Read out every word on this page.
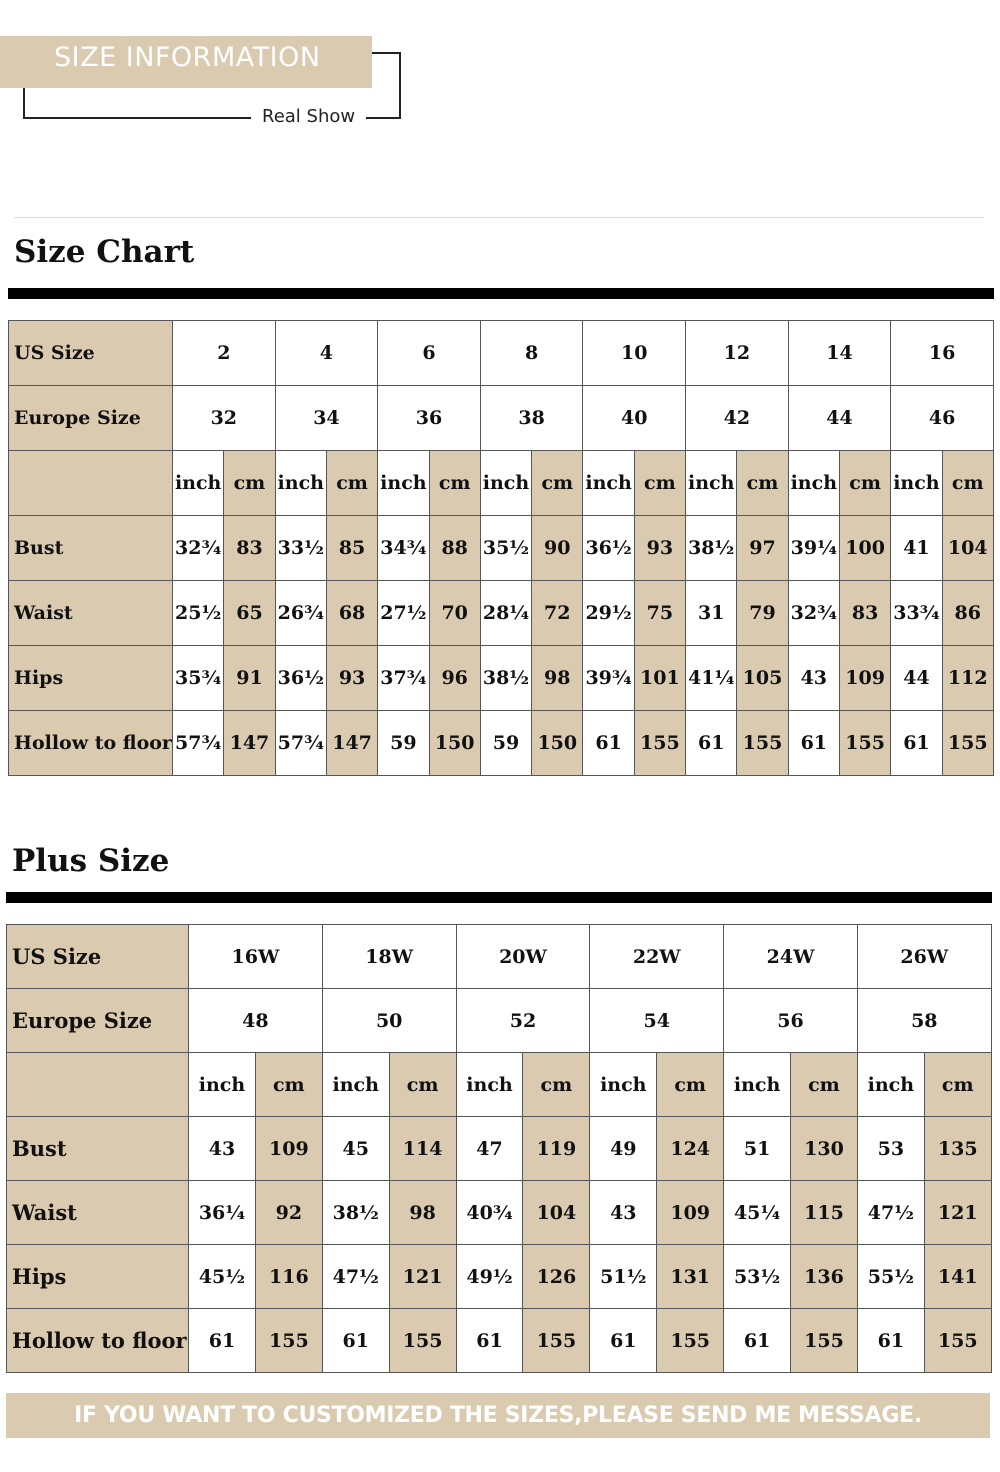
SIZE INFORMATION
Real Show
Size Chart
US Size	2		4		6		8		10		12		14		16	
Europe Size	32		34		36		38		40		42		44		46	
	inch	cm	inch	cm	inch	cm	inch	cm	inch	cm	inch	cm	inch	cm	inch	cm
Bust	32¾	83	33½	85	34¾	88	35½	90	36½	93	38½	97	39¼	100	41	104
Waist	25½	65	26¾	68	27½	70	28¼	72	29½	75	31	79	32¾	83	33¾	86
Hips	35¾	91	36½	93	37¾	96	38½	98	39¾	101	41¼	105	43	109	44	112
Hollow to floor	57¾	147	57¾	147	59	150	59	150	61	155	61	155	61	155	61	155
Plus Size
US Size	16W		18W		20W		22W		24W		26W	
Europe Size	48		50		52		54		56		58	
	inch	cm	inch	cm	inch	cm	inch	cm	inch	cm	inch	cm
Bust	43	109	45	114	47	119	49	124	51	130	53	135
Waist	36¼	92	38½	98	40¾	104	43	109	45¼	115	47½	121
Hips	45½	116	47½	121	49½	126	51½	131	53½	136	55½	141
Hollow to floor	61	155	61	155	61	155	61	155	61	155	61	155
IF YOU WANT TO CUSTOMIZED THE SIZES,PLEASE SEND ME MESSAGE.
